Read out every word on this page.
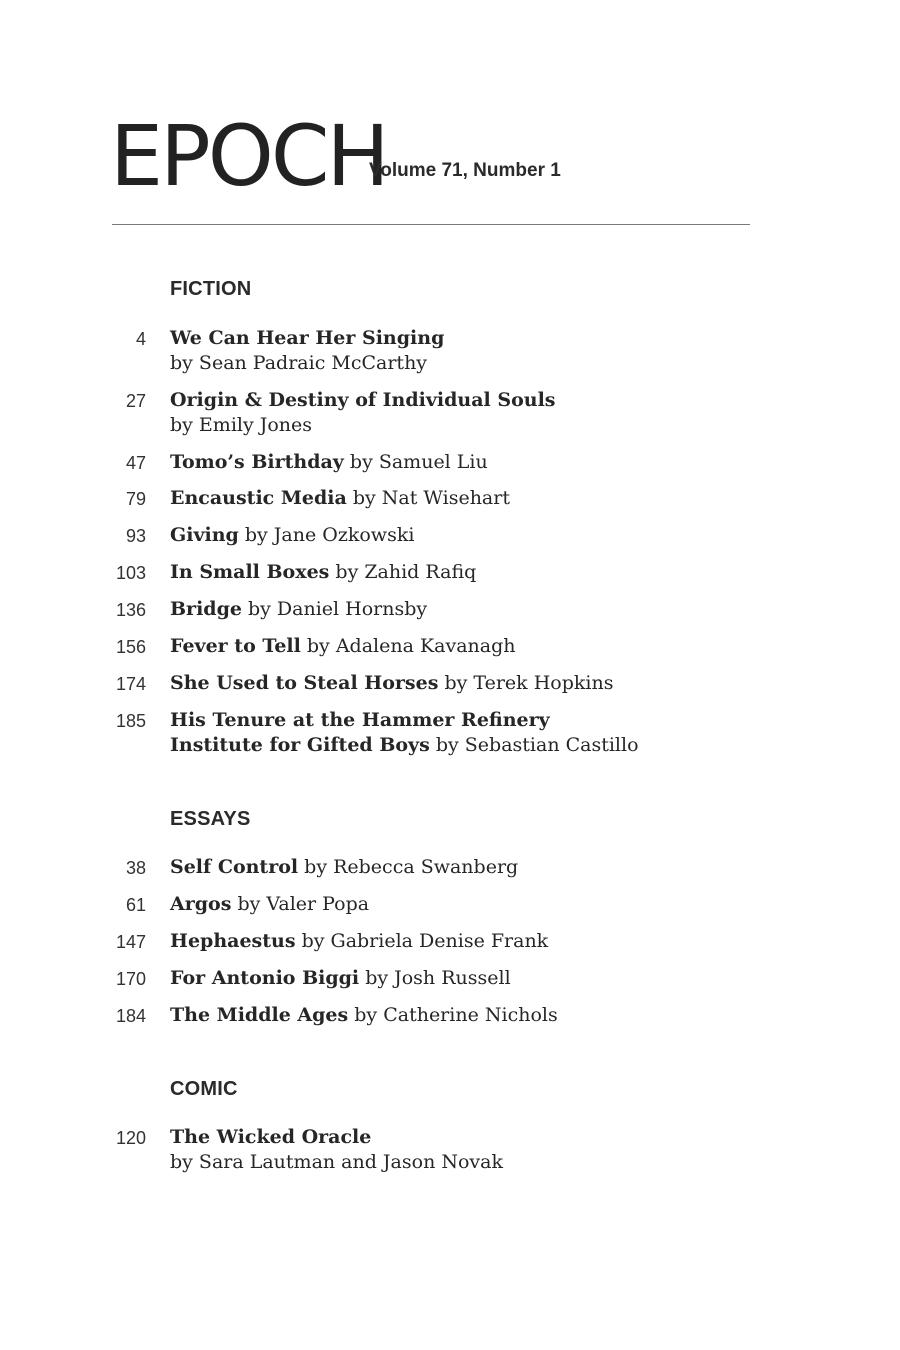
EPOCH
Volume 71, Number 1
FICTION
4 We Can Hear Her Singing
by Sean Padraic McCarthy
27 Origin & Destiny of Individual Souls
by Emily Jones
47 Tomo’s Birthday by Samuel Liu
79 Encaustic Media by Nat Wisehart
93 Giving by Jane Ozkowski
103 In Small Boxes by Zahid Rafiq
136 Bridge by Daniel Hornsby
156 Fever to Tell by Adalena Kavanagh
174 She Used to Steal Horses by Terek Hopkins
185 His Tenure at the Hammer Refinery
Institute for Gifted Boys by Sebastian Castillo
ESSAYS
38 Self Control by Rebecca Swanberg
61 Argos by Valer Popa
147 Hephaestus by Gabriela Denise Frank
170 For Antonio Biggi by Josh Russell
184 The Middle Ages by Catherine Nichols
COMIC
120 The Wicked Oracle
by Sara Lautman and Jason Novak
